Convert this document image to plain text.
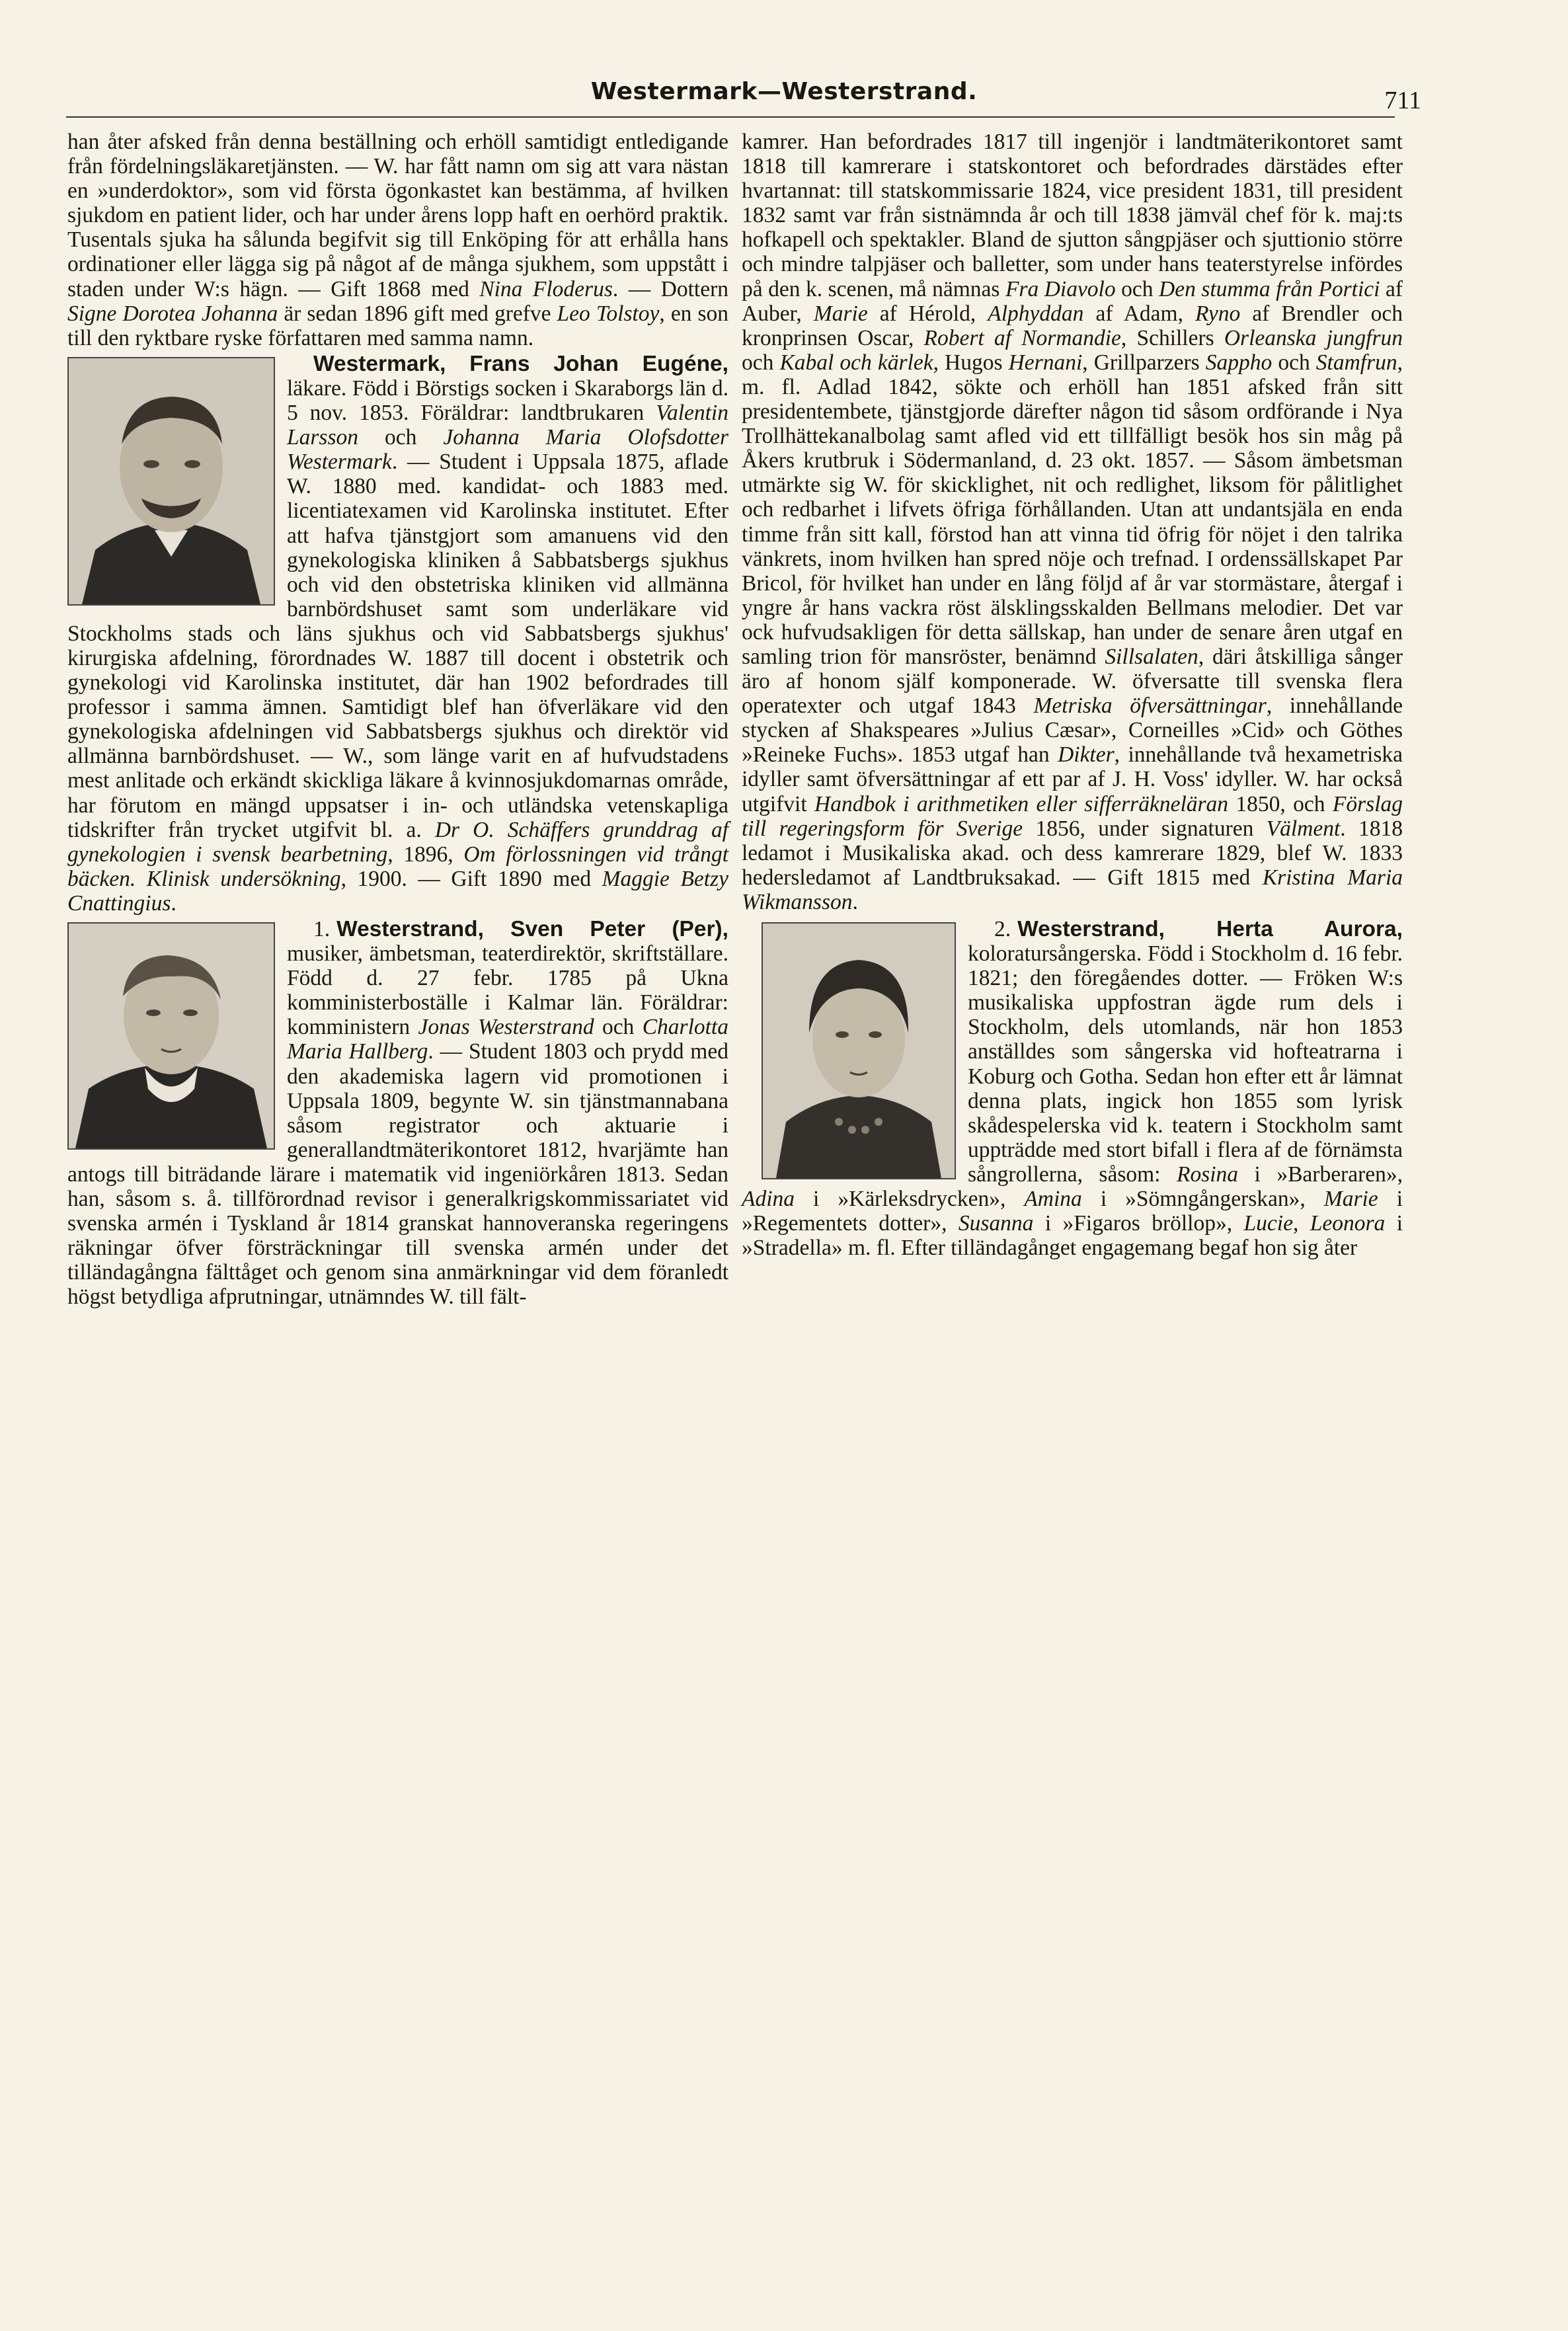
Westermark—Westerstrand.	711
han åter afsked från denna beställning och erhöll samtidigt entledigande från fördelningsläkaretjänsten. — W. har fått namn om sig att vara nästan en »underdoktor», som vid första ögonkastet kan bestämma, af hvilken sjukdom en patient lider, och har under årens lopp haft en oerhörd praktik. Tusentals sjuka ha sålunda begifvit sig till Enköping för att erhålla hans ordinationer eller lägga sig på något af de många sjukhem, som uppstått i staden under W:s hägn. — Gift 1868 med Nina Floderus. — Dottern Signe Dorotea Johanna är sedan 1896 gift med grefve Leo Tolstoy, en son till den ryktbare ryske författaren med samma namn.
Westermark, Frans Johan Eugéne,
läkare. Född i Börstigs socken i Skaraborgs län d. 5 nov. 1853. Föräldrar: landtbrukaren Valentin Larsson och Johanna Maria Olofsdotter Westermark. — Student i Uppsala 1875, aflade W. 1880 med. kandidat- och 1883 med. licentiatexamen vid Karolinska institutet. Efter att hafva tjänstgjort som amanuens vid den gynekologiska kliniken å Sabbatsbergs sjukhus och vid den obstetriska kliniken vid allmänna barnbördshuset samt som underläkare vid Stockholms stads och läns sjukhus och vid Sabbatsbergs sjukhus' kirurgiska afdelning, förordnades W. 1887 till docent i obstetrik och gynekologi vid Karolinska institutet, där han 1902 befordrades till professor i samma ämnen. Samtidigt blef han öfverläkare vid den gynekologiska afdelningen vid Sabbatsbergs sjukhus och direktör vid allmänna barnbördshuset. — W., som länge varit en af hufvudstadens mest anlitade och erkändt skickliga läkare å kvinnosjukdomarnas område, har förutom en mängd uppsatser i in- och utländska vetenskapliga tidskrifter från trycket utgifvit bl. a. Dr O. Schäffers grunddrag af gynekologien i svensk bearbetning, 1896, Om förlossningen vid trångt bäcken. Klinisk undersökning, 1900. — Gift 1890 med Maggie Betzy Cnattingius.
1. Westerstrand, Sven Peter (Per),
musiker, ämbetsman, teaterdirektör, skriftställare. Född d. 27 febr. 1785 på Ukna komministerboställe i Kalmar län. Föräldrar: komministern Jonas Westerstrand och Charlotta Maria Hallberg. — Student 1803 och prydd med den akademiska lagern vid promotionen i Uppsala 1809, begynte W. sin tjänstmannabana såsom registrator och aktuarie i generallandtmäterikontoret 1812, hvarjämte han antogs till biträdande lärare i matematik vid ingeniörkåren 1813. Sedan han, såsom s. å. tillförordnad revisor i generalkrigskommissariatet vid svenska armén i Tyskland år 1814 granskat hannoveranska regeringens räkningar öfver försträckningar till svenska armén under det tilländagångna fälttåget och genom sina anmärkningar vid dem föranledt högst betydliga afprutningar, utnämndes W. till fält-
kamrer. Han befordrades 1817 till ingenjör i landtmäterikontoret samt 1818 till kamrerare i statskontoret och befordrades därstädes efter hvartannat: till statskommissarie 1824, vice president 1831, till president 1832 samt var från sistnämnda år och till 1838 jämväl chef för k. maj:ts hofkapell och spektakler. Bland de sjutton sångpjäser och sjuttionio större och mindre talpjäser och balletter, som under hans teaterstyrelse infördes på den k. scenen, må nämnas Fra Diavolo och Den stumma från Portici af Auber, Marie af Hérold, Alphyddan af Adam, Ryno af Brendler och kronprinsen Oscar, Robert af Normandie, Schillers Orleanska jungfrun och Kabal och kärlek, Hugos Hernani, Grillparzers Sappho och Stamfrun, m. fl. Adlad 1842, sökte och erhöll han 1851 afsked från sitt presidentembete, tjänstgjorde därefter någon tid såsom ordförande i Nya Trollhättekanalbolag samt afled vid ett tillfälligt besök hos sin måg på Åkers krutbruk i Södermanland, d. 23 okt. 1857. — Såsom ämbetsman utmärkte sig W. för skicklighet, nit och redlighet, liksom för pålitlighet och redbarhet i lifvets öfriga förhållanden. Utan att undantsjäla en enda timme från sitt kall, förstod han att vinna tid öfrig för nöjet i den talrika vänkrets, inom hvilken han spred nöje och trefnad. I ordenssällskapet Par Bricol, för hvilket han under en lång följd af år var stormästare, återgaf i yngre år hans vackra röst älsklingsskalden Bellmans melodier. Det var ock hufvudsakligen för detta sällskap, han under de senare åren utgaf en samling trion för mansröster, benämnd Sillsalaten, däri åtskilliga sånger äro af honom själf komponerade. W. öfversatte till svenska flera operatexter och utgaf 1843 Metriska öfversättningar, innehållande stycken af Shakspeares »Julius Cæsar», Corneilles »Cid» och Göthes »Reineke Fuchs». 1853 utgaf han Dikter, innehållande två hexametriska idyller samt öfversättningar af ett par af J. H. Voss' idyller. W. har också utgifvit Handbok i arithmetiken eller sifferräkneläran 1850, och Förslag till regeringsform för Sverige 1856, under signaturen Välment. 1818 ledamot i Musikaliska akad. och dess kamrerare 1829, blef W. 1833 hedersledamot af Landtbruksakad. — Gift 1815 med Kristina Maria Wikmansson.
2. Westerstrand, Herta Aurora,
koloratursångerska. Född i Stockholm d. 16 febr. 1821; den föregåendes dotter. — Fröken W:s musikaliska uppfostran ägde rum dels i Stockholm, dels utomlands, när hon 1853 anställdes som sångerska vid hofteatrarna i Koburg och Gotha. Sedan hon efter ett år lämnat denna plats, ingick hon 1855 som lyrisk skådespelerska vid k. teatern i Stockholm samt uppträdde med stort bifall i flera af de förnämsta sångrollerna, såsom: Rosina i »Barberaren», Adina i »Kärleksdrycken», Amina i »Sömngångerskan», Marie i »Regementets dotter», Susanna i »Figaros bröllop», Lucie, Leonora i »Stradella» m. fl. Efter tilländagånget engagemang begaf hon sig åter
